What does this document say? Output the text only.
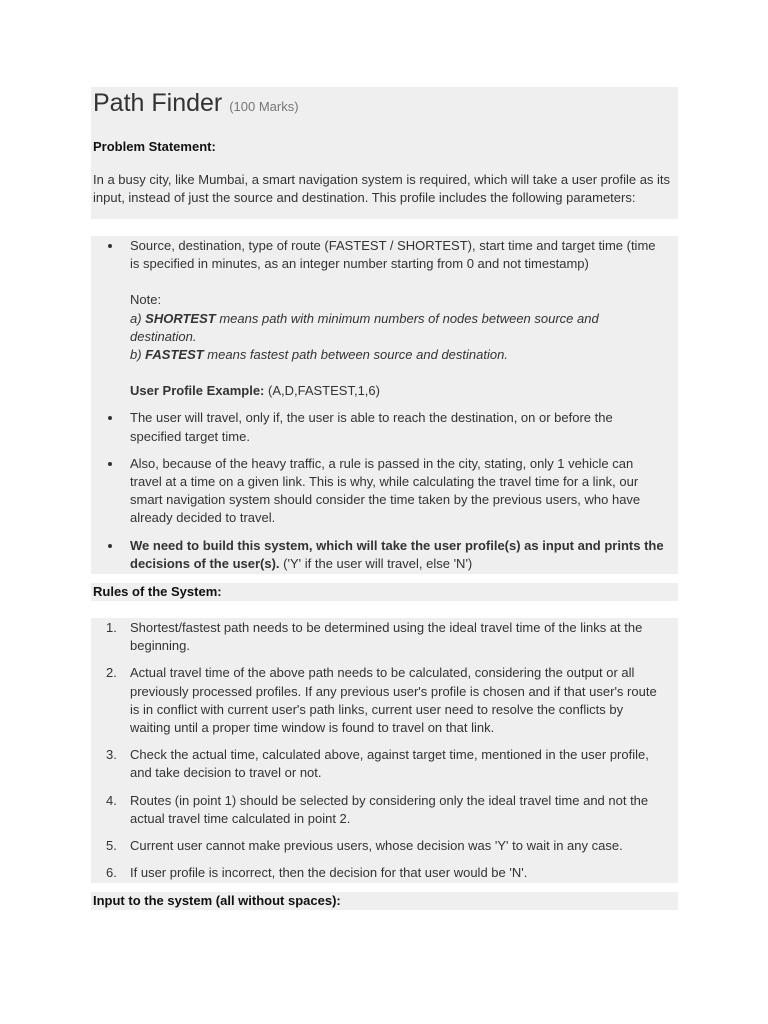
Path Finder (100 Marks)

Problem Statement:

In a busy city, like Mumbai, a smart navigation system is required, which will take a user profile as its input, instead of just the source and destination. This profile includes the following parameters:

Source, destination, type of route (FASTEST / SHORTEST), start time and target time (time is specified in minutes, as an integer number starting from 0 and not timestamp)
Note:
a) SHORTEST means path with minimum numbers of nodes between source and destination.
b) FASTEST means fastest path between source and destination.
User Profile Example: (A,D,FASTEST,1,6)
The user will travel, only if, the user is able to reach the destination, on or before the specified target time.
Also, because of the heavy traffic, a rule is passed in the city, stating, only 1 vehicle can travel at a time on a given link. This is why, while calculating the travel time for a link, our smart navigation system should consider the time taken by the previous users, who have already decided to travel.
We need to build this system, which will take the user profile(s) as input and prints the decisions of the user(s). ('Y' if the user will travel, else 'N')

Rules of the System:

1. Shortest/fastest path needs to be determined using the ideal travel time of the links at the beginning.
2. Actual travel time of the above path needs to be calculated, considering the output or all previously processed profiles. If any previous user's profile is chosen and if that user's route is in conflict with current user's path links, current user need to resolve the conflicts by waiting until a proper time window is found to travel on that link.
3. Check the actual time, calculated above, against target time, mentioned in the user profile, and take decision to travel or not.
4. Routes (in point 1) should be selected by considering only the ideal travel time and not the actual travel time calculated in point 2.
5. Current user cannot make previous users, whose decision was 'Y' to wait in any case.
6. If user profile is incorrect, then the decision for that user would be 'N'.

Input to the system (all without spaces):
